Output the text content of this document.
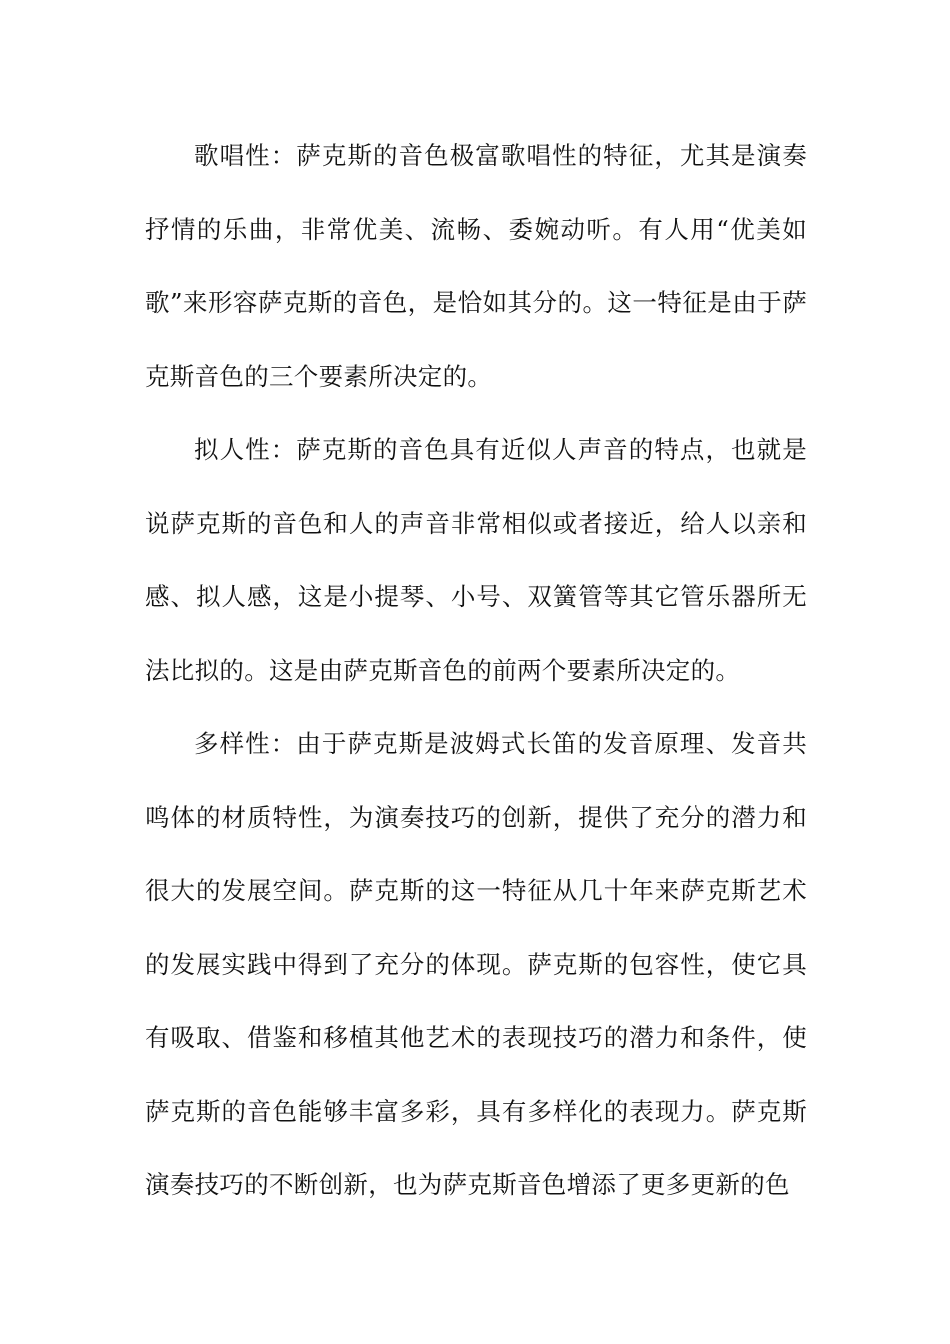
歌唱性：萨克斯的音色极富歌唱性的特征，尤其是演奏抒情的乐曲，非常优美、流畅、委婉动听。有人用“优美如歌”来形容萨克斯的音色，是恰如其分的。这一特征是由于萨克斯音色的三个要素所决定的。

拟人性：萨克斯的音色具有近似人声音的特点，也就是说萨克斯的音色和人的声音非常相似或者接近，给人以亲和感、拟人感，这是小提琴、小号、双簧管等其它管乐器所无法比拟的。这是由萨克斯音色的前两个要素所决定的。

多样性：由于萨克斯是波姆式长笛的发音原理、发音共鸣体的材质特性，为演奏技巧的创新，提供了充分的潜力和很大的发展空间。萨克斯的这一特征从几十年来萨克斯艺术的发展实践中得到了充分的体现。萨克斯的包容性，使它具有吸取、借鉴和移植其他艺术的表现技巧的潜力和条件，使萨克斯的音色能够丰富多彩，具有多样化的表现力。萨克斯演奏技巧的不断创新，也为萨克斯音色增添了更多更新的色
